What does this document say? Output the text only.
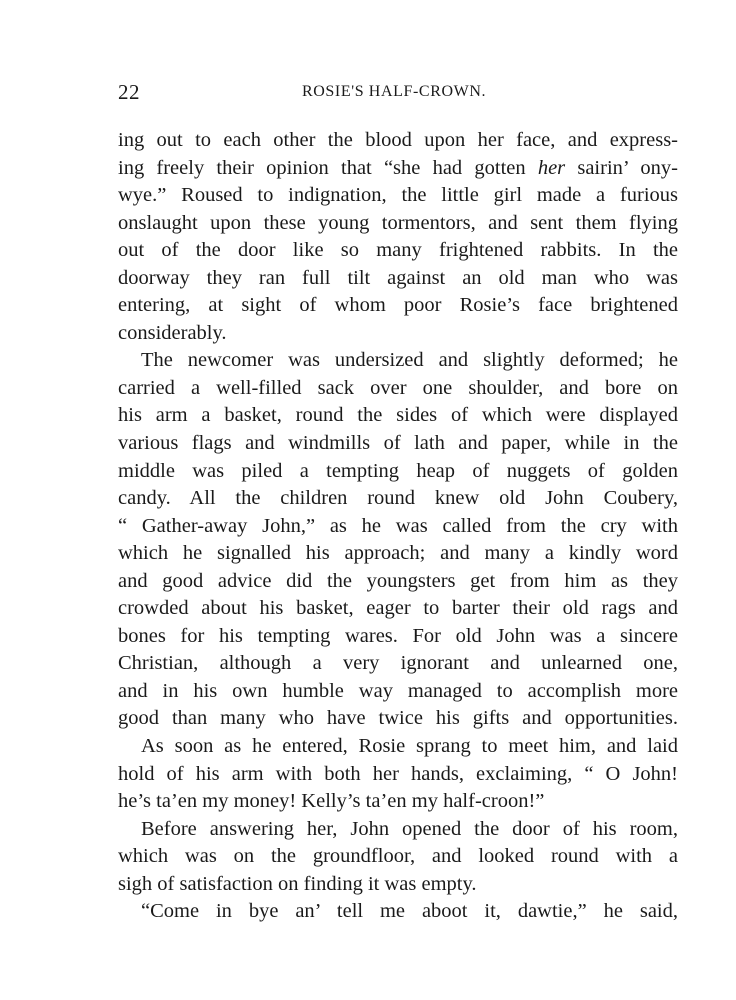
22	ROSIE'S HALF-CROWN.
ing out to each other the blood upon her face, and express-
ing freely their opinion that “she had gotten her sairin’ ony-
wye.” Roused to indignation, the little girl made a furious
onslaught upon these young tormentors, and sent them flying
out of the door like so many frightened rabbits. In the
doorway they ran full tilt against an old man who was
entering, at sight of whom poor Rosie’s face brightened
considerably.
The newcomer was undersized and slightly deformed; he
carried a well-filled sack over one shoulder, and bore on
his arm a basket, round the sides of which were displayed
various flags and windmills of lath and paper, while in the
middle was piled a tempting heap of nuggets of golden
candy. All the children round knew old John Coubery,
“ Gather-away John,” as he was called from the cry with
which he signalled his approach; and many a kindly word
and good advice did the youngsters get from him as they
crowded about his basket, eager to barter their old rags and
bones for his tempting wares. For old John was a sincere
Christian, although a very ignorant and unlearned one,
and in his own humble way managed to accomplish more
good than many who have twice his gifts and opportunities.
As soon as he entered, Rosie sprang to meet him, and laid
hold of his arm with both her hands, exclaiming, “ O John!
he’s ta’en my money! Kelly’s ta’en my half-croon!”
Before answering her, John opened the door of his room,
which was on the groundfloor, and looked round with a
sigh of satisfaction on finding it was empty.
“Come in bye an’ tell me aboot it, dawtie,” he said,
